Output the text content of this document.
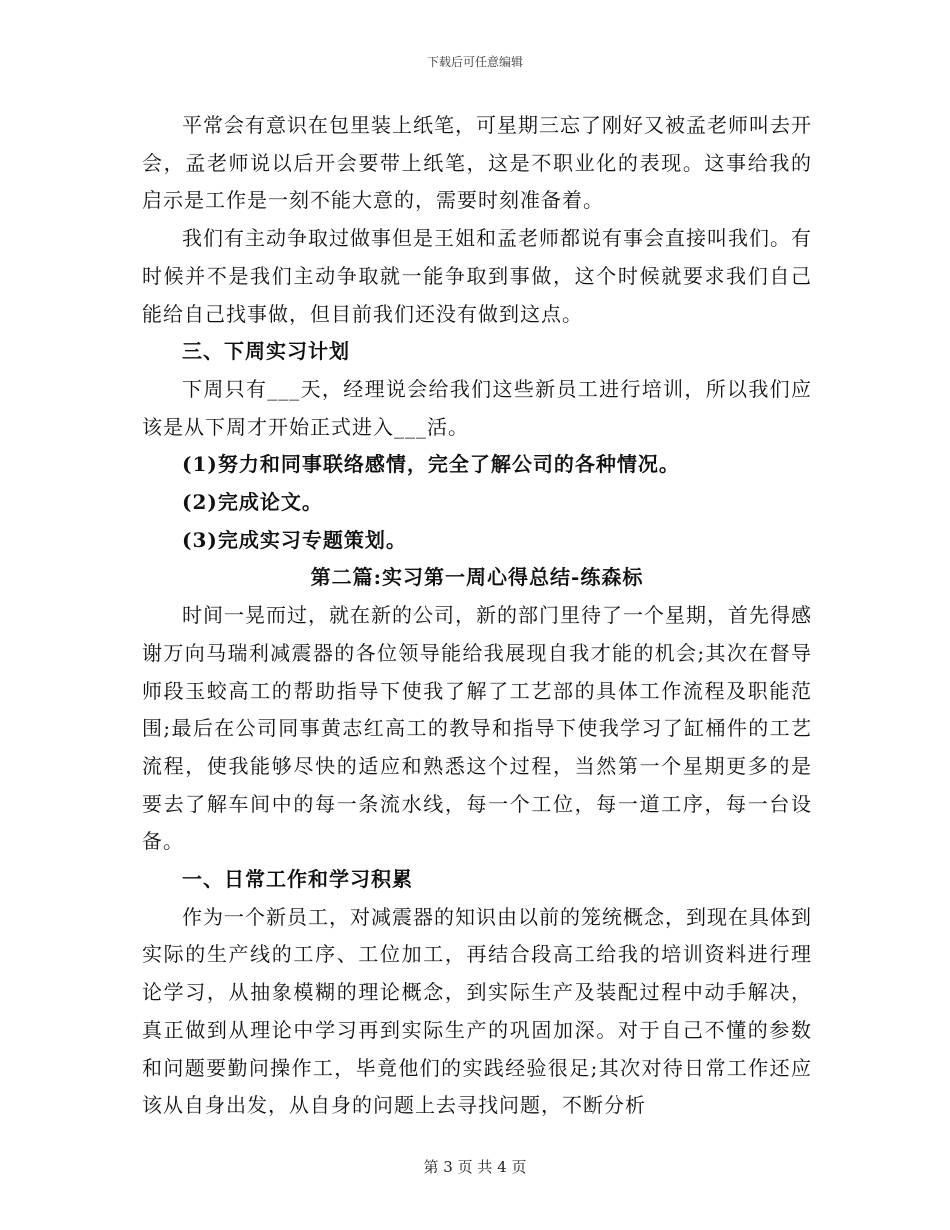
下载后可任意编辑

平常会有意识在包里装上纸笔，可星期三忘了刚好又被孟老师叫去开会，孟老师说以后开会要带上纸笔，这是不职业化的表现。这事给我的启示是工作是一刻不能大意的，需要时刻准备着。

我们有主动争取过做事但是王姐和孟老师都说有事会直接叫我们。有时候并不是我们主动争取就一能争取到事做，这个时候就要求我们自己能给自己找事做，但目前我们还没有做到这点。

三、下周实习计划

下周只有___天，经理说会给我们这些新员工进行培训，所以我们应该是从下周才开始正式进入___活。

(1)努力和同事联络感情，完全了解公司的各种情况。

(2)完成论文。

(3)完成实习专题策划。

第二篇:实习第一周心得总结-练森标

时间一晃而过，就在新的公司，新的部门里待了一个星期，首先得感谢万向马瑞利减震器的各位领导能给我展现自我才能的机会;其次在督导师段玉蛟高工的帮助指导下使我了解了工艺部的具体工作流程及职能范围;最后在公司同事黄志红高工的教导和指导下使我学习了缸桶件的工艺流程，使我能够尽快的适应和熟悉这个过程，当然第一个星期更多的是要去了解车间中的每一条流水线，每一个工位，每一道工序，每一台设备。

一、日常工作和学习积累

作为一个新员工，对减震器的知识由以前的笼统概念，到现在具体到实际的生产线的工序、工位加工，再结合段高工给我的培训资料进行理论学习，从抽象模糊的理论概念，到实际生产及装配过程中动手解决，真正做到从理论中学习再到实际生产的巩固加深。对于自己不懂的参数和问题要勤问操作工，毕竟他们的实践经验很足;其次对待日常工作还应该从自身出发，从自身的问题上去寻找问题，不断分析

第 3 页 共 4 页
